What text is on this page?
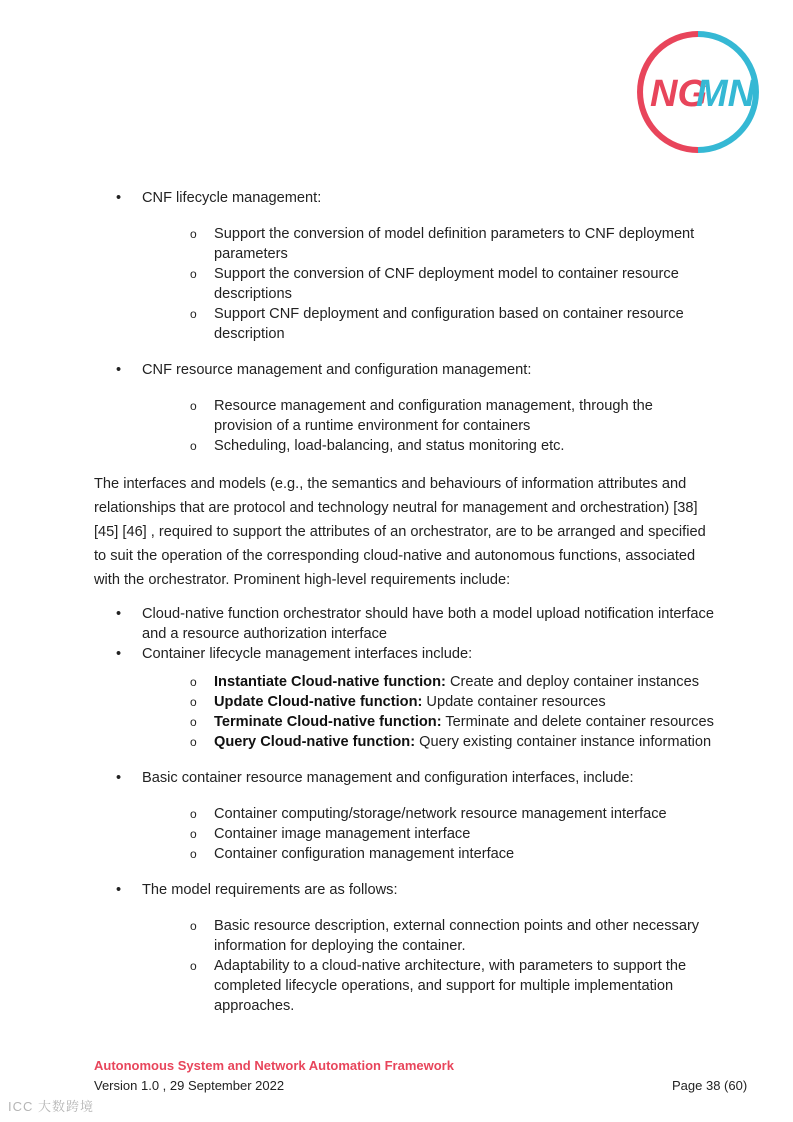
NG
MN
• CNF lifecycle management:
o Support the conversion of model definition parameters to CNF deployment parameters
o Support the conversion of CNF deployment model to container resource descriptions
o Support CNF deployment and configuration based on container resource description
• CNF resource management and configuration management:
o Resource management and configuration management, through the provision of a runtime environment for containers
o Scheduling, load-balancing, and status monitoring etc.

The interfaces and models (e.g., the semantics and behaviours of information attributes and relationships that are protocol and technology neutral for management and orchestration) [38] [45] [46] , required to support the attributes of an orchestrator, are to be arranged and specified to suit the operation of the corresponding cloud-native and autonomous functions, associated with the orchestrator. Prominent high-level requirements include:

• Cloud-native function orchestrator should have both a model upload notification interface and a resource authorization interface
• Container lifecycle management interfaces include:
o Instantiate Cloud-native function: Create and deploy container instances
o Update Cloud-native function: Update container resources
o Terminate Cloud-native function: Terminate and delete container resources
o Query Cloud-native function: Query existing container instance information
• Basic container resource management and configuration interfaces, include:
o Container computing/storage/network resource management interface
o Container image management interface
o Container configuration management interface
• The model requirements are as follows:
o Basic resource description, external connection points and other necessary information for deploying the container.
o Adaptability to a cloud-native architecture, with parameters to support the completed lifecycle operations, and support for multiple implementation approaches.
Autonomous System and Network Automation Framework
Version 1.0 , 29 September 2022	Page 38 (60)
ICC 大数跨境
